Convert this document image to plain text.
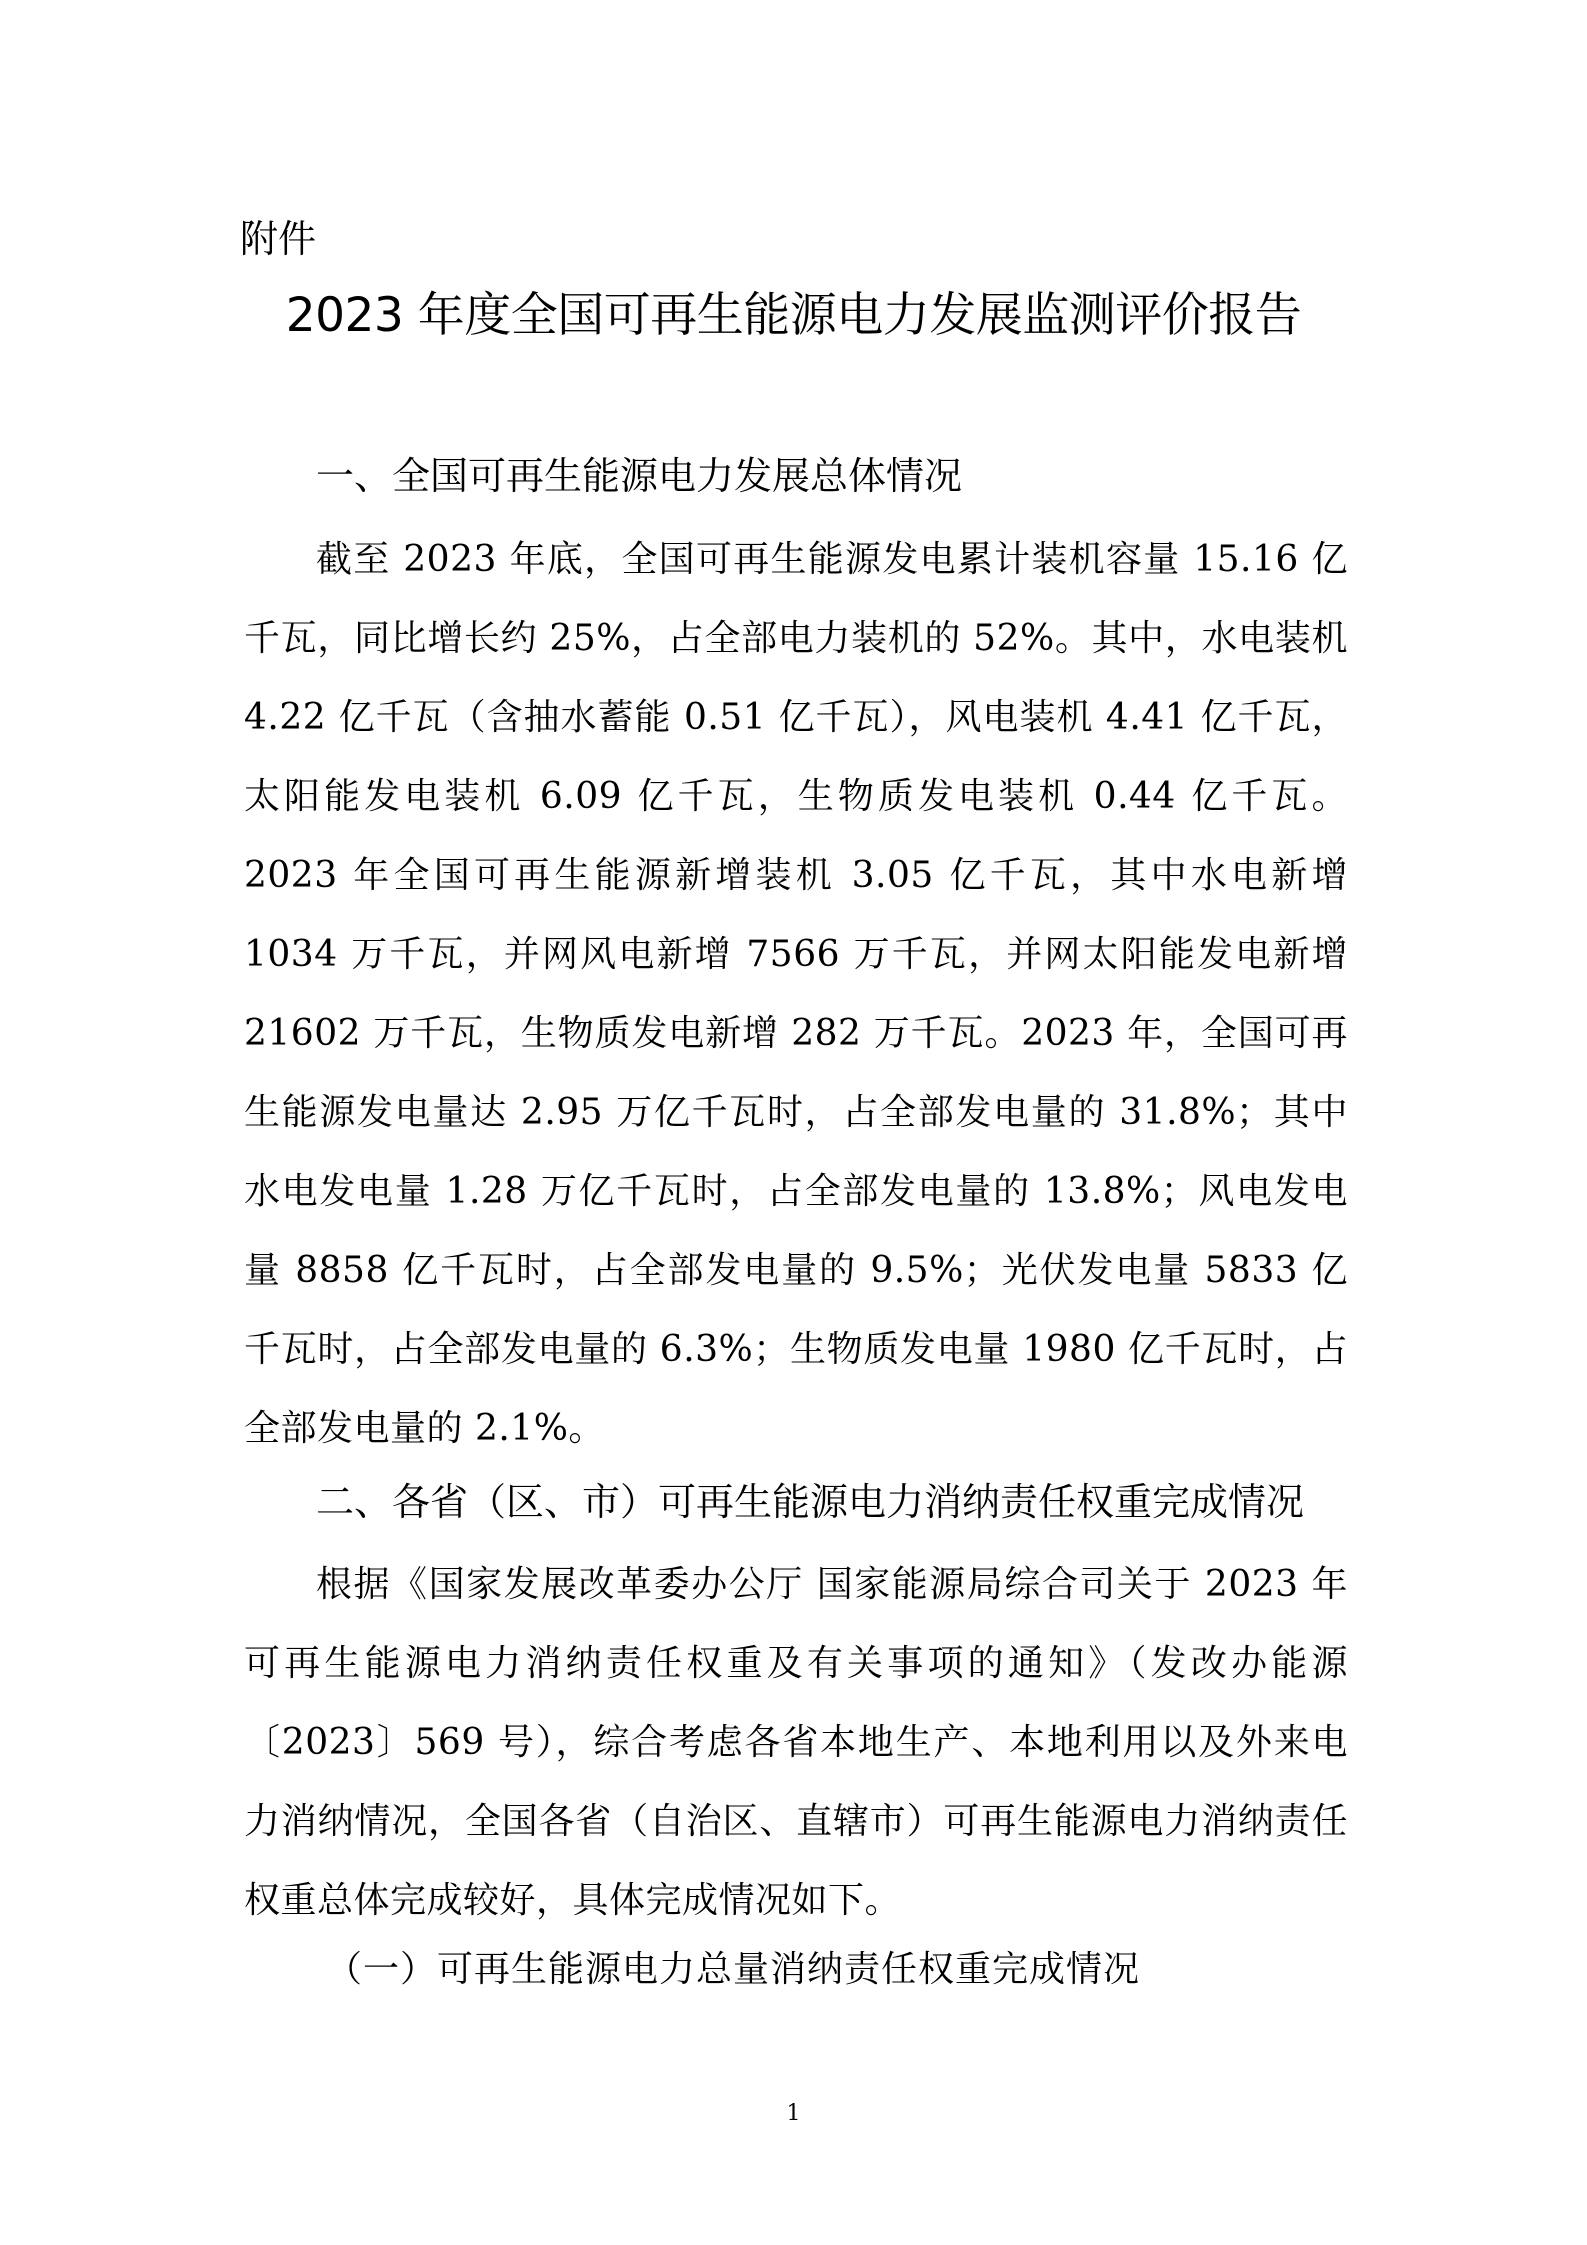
附件
2023 年度全国可再生能源电力发展监测评价报告
一、全国可再生能源电力发展总体情况

截至 2023 年底，全国可再生能源发电累计装机容量 15.16 亿千瓦，同比增长约 25%，占全部电力装机的 52%。其中，水电装机 4.22 亿千瓦（含抽水蓄能 0.51 亿千瓦），风电装机 4.41 亿千瓦，太阳能发电装机 6.09 亿千瓦，生物质发电装机 0.44 亿千瓦。2023 年全国可再生能源新增装机 3.05 亿千瓦，其中水电新增 1034 万千瓦，并网风电新增 7566 万千瓦，并网太阳能发电新增 21602 万千瓦，生物质发电新增 282 万千瓦。2023 年，全国可再生能源发电量达 2.95 万亿千瓦时，占全部发电量的 31.8%；其中水电发电量 1.28 万亿千瓦时，占全部发电量的 13.8%；风电发电量 8858 亿千瓦时，占全部发电量的 9.5%；光伏发电量 5833 亿千瓦时，占全部发电量的 6.3%；生物质发电量 1980 亿千瓦时，占全部发电量的 2.1%。

二、各省（区、市）可再生能源电力消纳责任权重完成情况

根据《国家发展改革委办公厅 国家能源局综合司关于 2023 年可再生能源电力消纳责任权重及有关事项的通知》（发改办能源〔2023〕569 号），综合考虑各省本地生产、本地利用以及外来电力消纳情况，全国各省（自治区、直辖市）可再生能源电力消纳责任权重总体完成较好，具体完成情况如下。

（一）可再生能源电力总量消纳责任权重完成情况
1
